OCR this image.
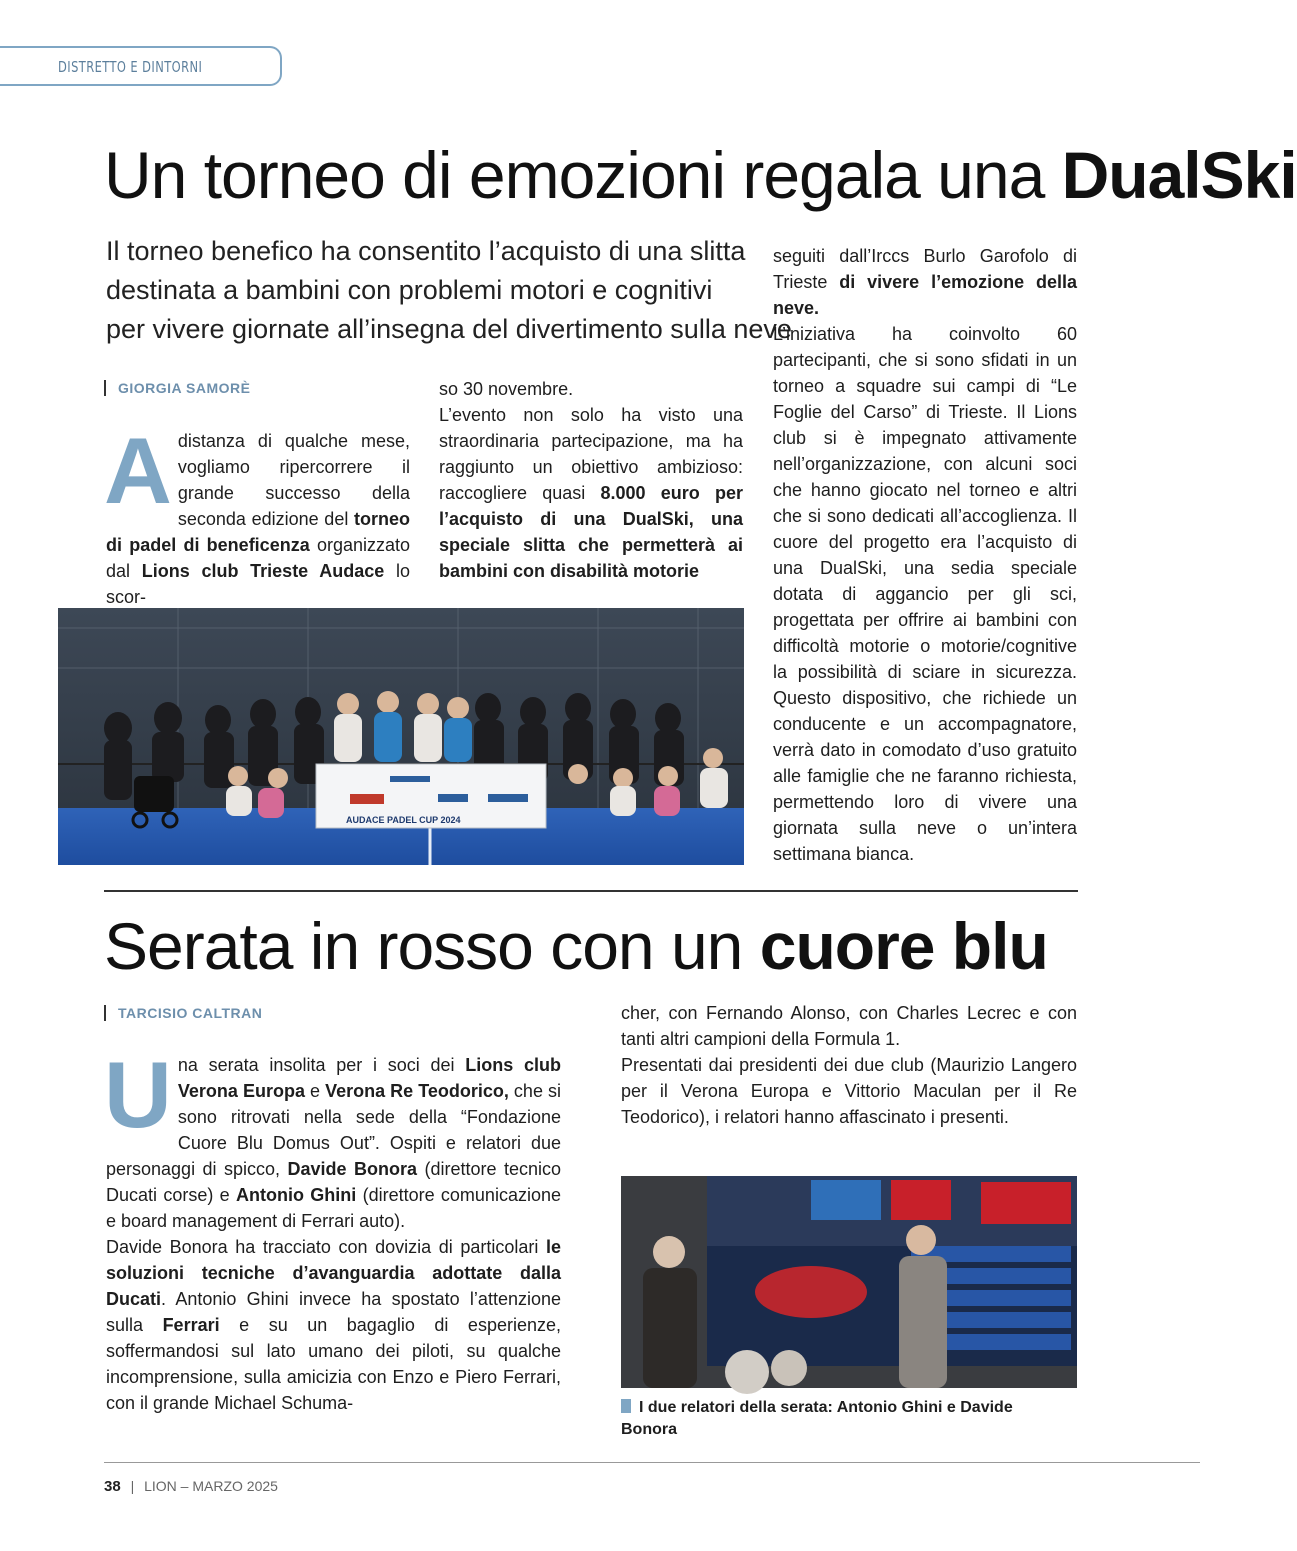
DISTRETTO E DINTORNI
Un torneo di emozioni regala una DualSki
Il torneo benefico ha consentito l’acquisto di una slitta
destinata a bambini con problemi motori e cognitivi
per vivere giornate all’insegna del divertimento sulla neve
GIORGIA SAMORÈ
A distanza di qualche mese, vogliamo ripercorrere il grande successo della seconda edizione del torneo di padel di beneficenza organizzato dal Lions club Trieste Audace lo scor-

so 30 novembre.

L’evento non solo ha visto una straordinaria partecipazione, ma ha raggiunto un obiettivo ambizioso: raccogliere quasi 8.000 euro per l’acquisto di una DualSki, una speciale slitta che permetterà ai bambini con disabilità motorie

seguiti dall’Irccs Burlo Garofolo di Trieste di vivere l’emozione della neve.

L’iniziativa ha coinvolto 60 partecipanti, che si sono sfidati in un torneo a squadre sui campi di “Le Foglie del Carso” di Trieste. Il Lions club si è impegnato attivamente nell’organizzazione, con alcuni soci che hanno giocato nel torneo e altri che si sono dedicati all’accoglienza. Il cuore del progetto era l’acquisto di una DualSki, una sedia speciale dotata di aggancio per gli sci, progettata per offrire ai bambini con difficoltà motorie o motorie/cognitive la possibilità di sciare in sicurezza. Questo dispositivo, che richiede un conducente e un accompagnatore, verrà dato in comodato d’uso gratuito alle famiglie che ne faranno richiesta, permettendo loro di vivere una giornata sulla neve o un’intera settimana bianca.

AUDACE PADEL CUP 2024
Serata in rosso con un cuore blu
TARCISIO CALTRAN

Una serata insolita per i soci dei Lions club Verona Europa e Verona Re Teodorico, che si sono ritrovati nella sede della “Fondazione Cuore Blu Domus Out”. Ospiti e relatori due personaggi di spicco, Davide Bonora (direttore tecnico Ducati corse) e Antonio Ghini (direttore comunicazione e board management di Ferrari auto).

Davide Bonora ha tracciato con dovizia di particolari le soluzioni tecniche d’avanguardia adottate dalla Ducati. Antonio Ghini invece ha spostato l’attenzione sulla Ferrari e su un bagaglio di esperienze, soffermandosi sul lato umano dei piloti, su qualche incomprensione, sulla amicizia con Enzo e Piero Ferrari, con il grande Michael Schuma-

cher, con Fernando Alonso, con Charles Lecrec e con tanti altri campioni della Formula 1.

Presentati dai presidenti dei due club (Maurizio Langero per il Verona Europa e Vittorio Maculan per il Re Teodorico), i relatori hanno affascinato i presenti.

I due relatori della serata: Antonio Ghini e Davide Bonora
38 | LION – MARZO 2025
